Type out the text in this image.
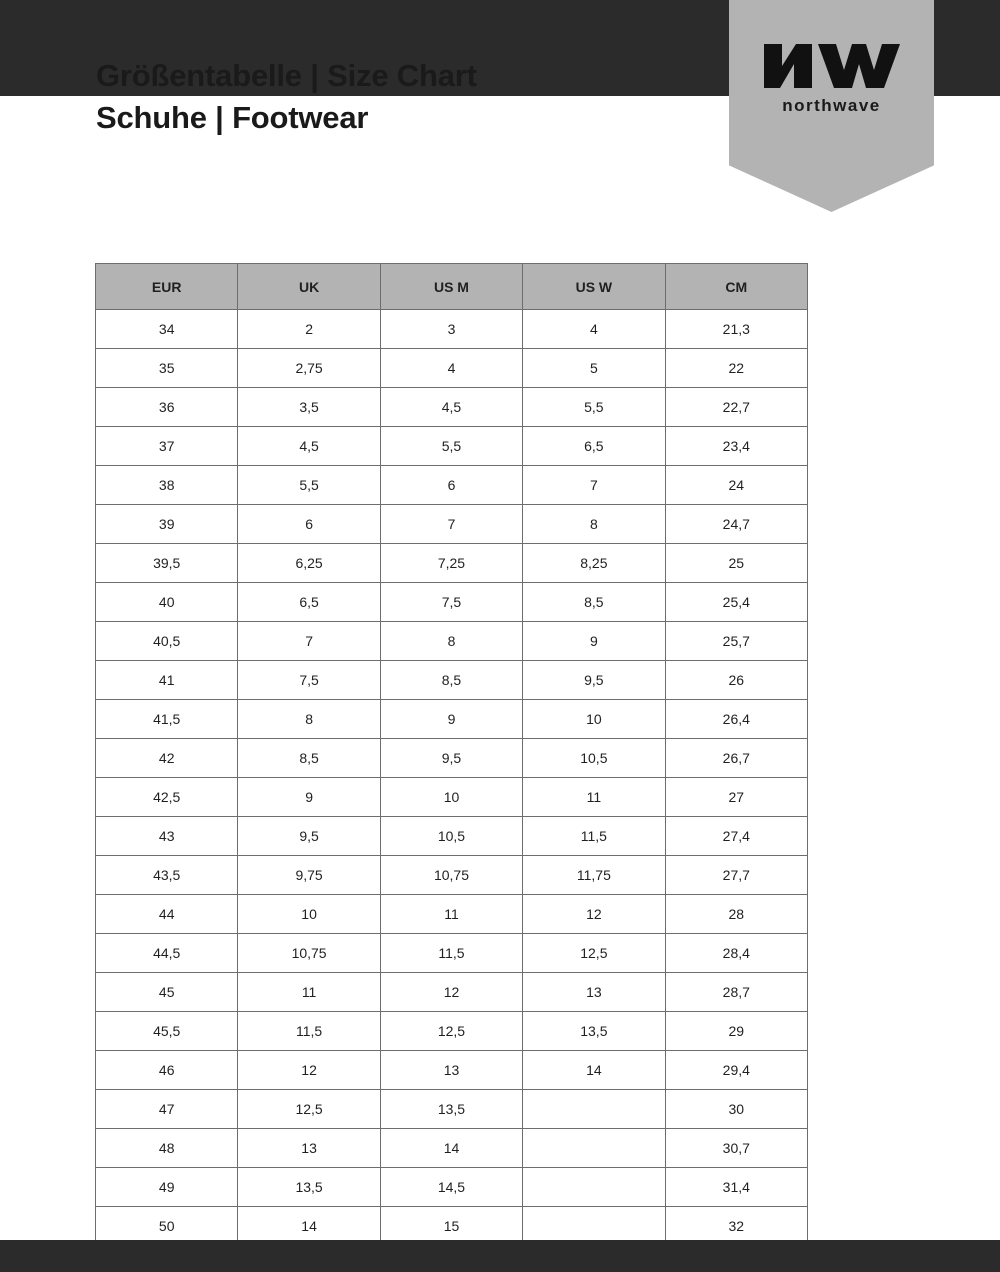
Größentabelle | Size Chart
Schuhe | Footwear	northwave
EUR	UK	US M	US W	CM
34	2	3	4	21,3
35	2,75	4	5	22
36	3,5	4,5	5,5	22,7
37	4,5	5,5	6,5	23,4
38	5,5	6	7	24
39	6	7	8	24,7
39,5	6,25	7,25	8,25	25
40	6,5	7,5	8,5	25,4
40,5	7	8	9	25,7
41	7,5	8,5	9,5	26
41,5	8	9	10	26,4
42	8,5	9,5	10,5	26,7
42,5	9	10	11	27
43	9,5	10,5	11,5	27,4
43,5	9,75	10,75	11,75	27,7
44	10	11	12	28
44,5	10,75	11,5	12,5	28,4
45	11	12	13	28,7
45,5	11,5	12,5	13,5	29
46	12	13	14	29,4
47	12,5	13,5		30
48	13	14		30,7
49	13,5	14,5		31,4
50	14	15		32
